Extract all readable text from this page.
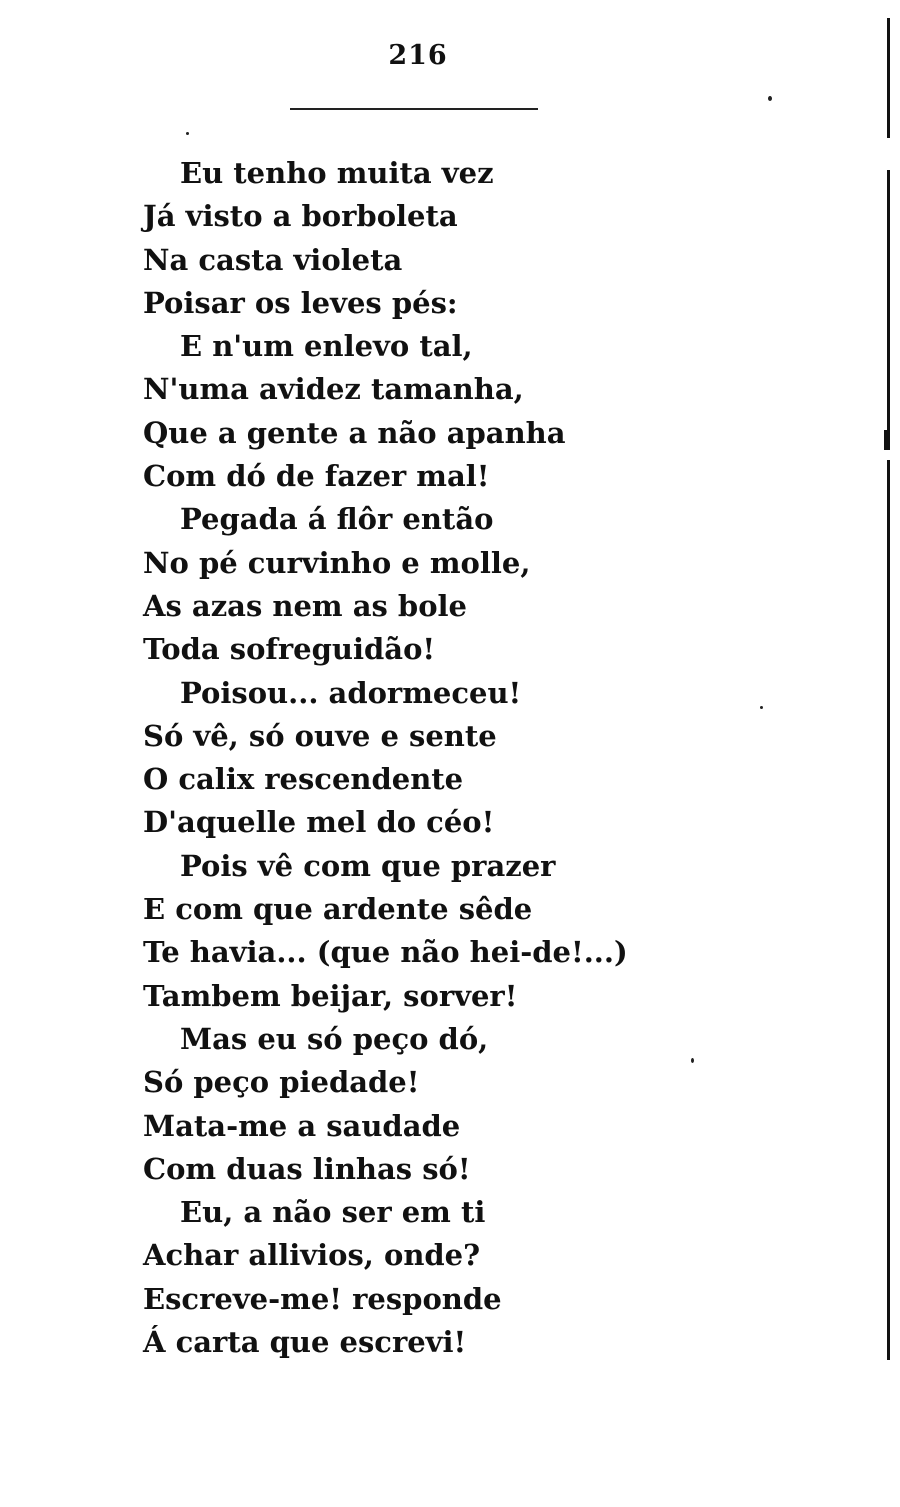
216
Eu tenho muita vez
Já visto a borboleta
Na casta violeta
Poisar os leves pés:
E n'um enlevo tal,
N'uma avidez tamanha,
Que a gente a não apanha
Com dó de fazer mal!
Pegada á flôr então
No pé curvinho e molle,
As azas nem as bole
Toda sofreguidão!
Poisou... adormeceu!
Só vê, só ouve e sente
O calix rescendente
D'aquelle mel do céo!
Pois vê com que prazer
E com que ardente sêde
Te havia... (que não hei-de!...)
Tambem beijar, sorver!
Mas eu só peço dó,
Só peço piedade!
Mata-me a saudade
Com duas linhas só!
Eu, a não ser em ti
Achar allivios, onde?
Escreve-me! responde
Á carta que escrevi!
